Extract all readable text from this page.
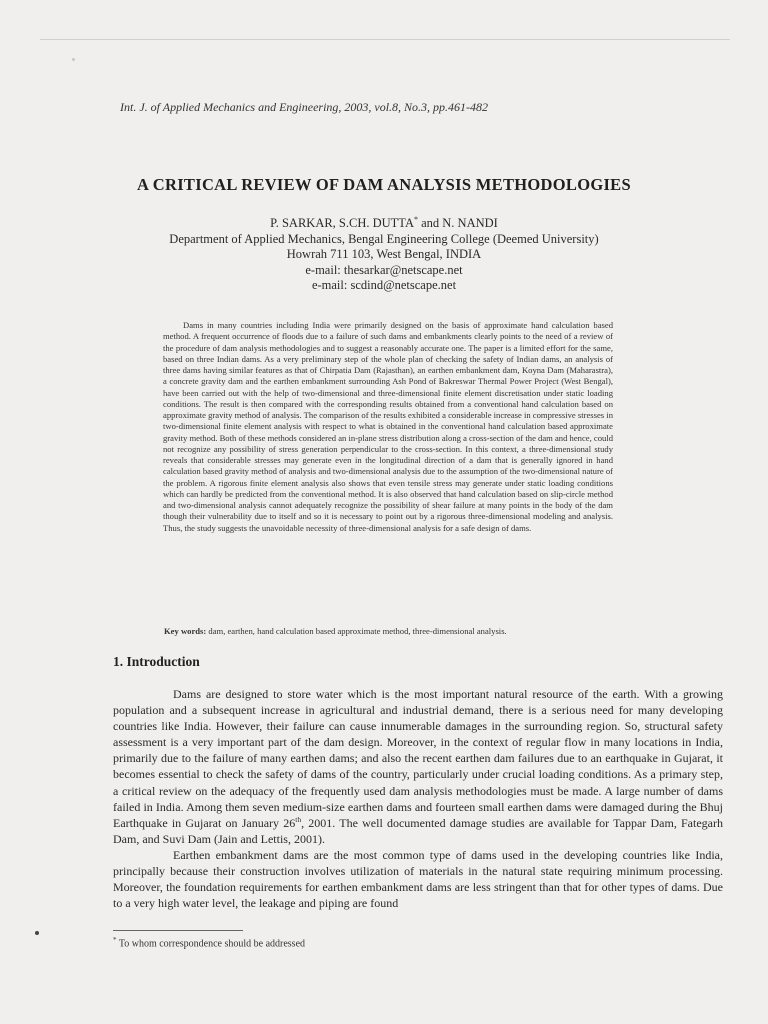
Int. J. of Applied Mechanics and Engineering, 2003, vol.8, No.3, pp.461-482
A CRITICAL REVIEW OF DAM ANALYSIS METHODOLOGIES
P. SARKAR, S.CH. DUTTA* and N. NANDI
Department of Applied Mechanics, Bengal Engineering College (Deemed University)
Howrah 711 103, West Bengal, INDIA
e-mail: thesarkar@netscape.net
e-mail: scdind@netscape.net

Dams in many countries including India were primarily designed on the basis of approximate hand calculation based method. A frequent occurrence of floods due to a failure of such dams and embankments clearly points to the need of a review of the procedure of dam analysis methodologies and to suggest a reasonably accurate one. The paper is a limited effort for the same, based on three Indian dams. As a very preliminary step of the whole plan of checking the safety of Indian dams, an analysis of three dams having similar features as that of Chirpatia Dam (Rajasthan), an earthen embankment dam, Koyna Dam (Maharastra), a concrete gravity dam and the earthen embankment surrounding Ash Pond of Bakreswar Thermal Power Project (West Bengal), have been carried out with the help of two-dimensional and three-dimensional finite element discretisation under static loading conditions. The result is then compared with the corresponding results obtained from a conventional hand calculation based on approximate gravity method of analysis. The comparison of the results exhibited a considerable increase in compressive stresses in two-dimensional finite element analysis with respect to what is obtained in the conventional hand calculation based approximate gravity method. Both of these methods considered an in-plane stress distribution along a cross-section of the dam and hence, could not recognize any possibility of stress generation perpendicular to the cross-section. In this context, a three-dimensional study reveals that considerable stresses may generate even in the longitudinal direction of a dam that is generally ignored in hand calculation based gravity method of analysis and two-dimensional analysis due to the assumption of the two-dimensional nature of the problem. A rigorous finite element analysis also shows that even tensile stress may generate under static loading conditions which can hardly be predicted from the conventional method. It is also observed that hand calculation based on slip-circle method and two-dimensional analysis cannot adequately recognize the possibility of shear failure at many points in the body of the dam though their vulnerability due to itself and so it is necessary to point out by a rigorous three-dimensional modeling and analysis. Thus, the study suggests the unavoidable necessity of three-dimensional analysis for a safe design of dams.

Key words: dam, earthen, hand calculation based approximate method, three-dimensional analysis.
1. Introduction

Dams are designed to store water which is the most important natural resource of the earth. With a growing population and a subsequent increase in agricultural and industrial demand, there is a serious need for many developing countries like India. However, their failure can cause innumerable damages in the surrounding region. So, structural safety assessment is a very important part of the dam design. Moreover, in the context of regular flow in many locations in India, primarily due to the failure of many earthen dams; and also the recent earthen dam failures due to an earthquake in Gujarat, it becomes essential to check the safety of dams of the country, particularly under crucial loading conditions. As a primary step, a critical review on the adequacy of the frequently used dam analysis methodologies must be made. A large number of dams failed in India. Among them seven medium-size earthen dams and fourteen small earthen dams were damaged during the Bhuj Earthquake in Gujarat on January 26th, 2001. The well documented damage studies are available for Tappar Dam, Fategarh Dam, and Suvi Dam (Jain and Lettis, 2001).

Earthen embankment dams are the most common type of dams used in the developing countries like India, principally because their construction involves utilization of materials in the natural state requiring minimum processing. Moreover, the foundation requirements for earthen embankment dams are less stringent than that for other types of dams. Due to a very high water level, the leakage and piping are found

* To whom correspondence should be addressed
